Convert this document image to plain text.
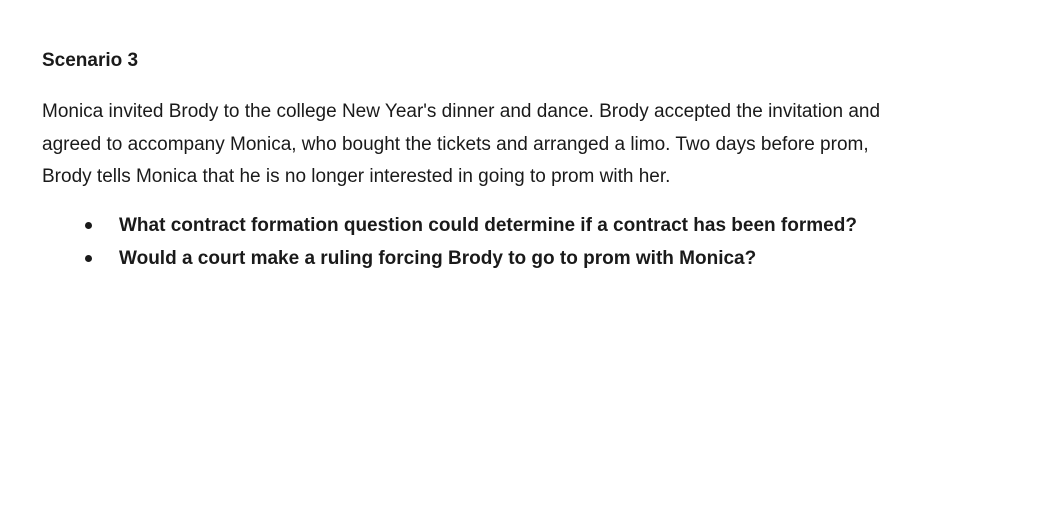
Scenario 3

Monica invited Brody to the college New Year's dinner and dance. Brody accepted the invitation and
agreed to accompany Monica, who bought the tickets and arranged a limo. Two days before prom,
Brody tells Monica that he is no longer interested in going to prom with her.

What contract formation question could determine if a contract has been formed?
Would a court make a ruling forcing Brody to go to prom with Monica?
